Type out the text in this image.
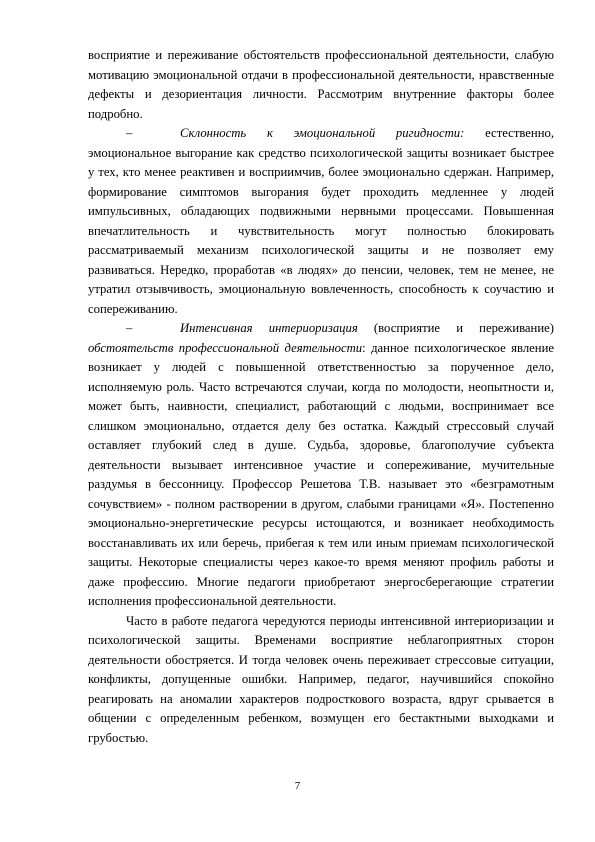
восприятие и переживание обстоятельств профессиональной деятельности, слабую мотивацию эмоциональной отдачи в профессиональной деятельности, нравственные дефекты и дезориентация личности. Рассмотрим внутренние факторы более подробно.

–	Склонность к эмоциональной ригидности: естественно, эмоциональное выгорание как средство психологической защиты возникает быстрее у тех, кто менее реактивен и восприимчив, более эмоционально сдержан. Например, формирование симптомов выгорания будет проходить медленнее у людей импульсивных, обладающих подвижными нервными процессами. Повышенная впечатлительность и чувствительность могут полностью блокировать рассматриваемый механизм психологической защиты и не позволяет ему развиваться. Нередко, проработав «в людях» до пенсии, человек, тем не менее, не утратил отзывчивость, эмоциональную вовлеченность, способность к соучастию и сопереживанию.

–	Интенсивная интериоризация (восприятие и переживание) обстоятельств профессиональной деятельности: данное психологическое явление возникает у людей с повышенной ответственностью за порученное дело, исполняемую роль. Часто встречаются случаи, когда по молодости, неопытности и, может быть, наивности, специалист, работающий с людьми, воспринимает все слишком эмоционально, отдается делу без остатка. Каждый стрессовый случай оставляет глубокий след в душе. Судьба, здоровье, благополучие субъекта деятельности вызывает интенсивное участие и сопереживание, мучительные раздумья в бессонницу. Профессор Решетова Т.В. называет это «безграмотным сочувствием» - полном растворении в другом, слабыми границами «Я». Постепенно эмоционально-энергетические ресурсы истощаются, и возникает необходимость восстанавливать их или беречь, прибегая к тем или иным приемам психологической защиты. Некоторые специалисты через какое-то время меняют профиль работы и даже профессию. Многие педагоги приобретают энергосберегающие стратегии исполнения профессиональной деятельности.

Часто в работе педагога чередуются периоды интенсивной интериоризации и психологической защиты. Временами восприятие неблагоприятных сторон деятельности обостряется. И тогда человек очень переживает стрессовые ситуации, конфликты, допущенные ошибки. Например, педагог, научившийся спокойно реагировать на аномалии характеров подросткового возраста, вдруг срывается в общении с определенным ребенком, возмущен его бестактными выходками и грубостью.

7
